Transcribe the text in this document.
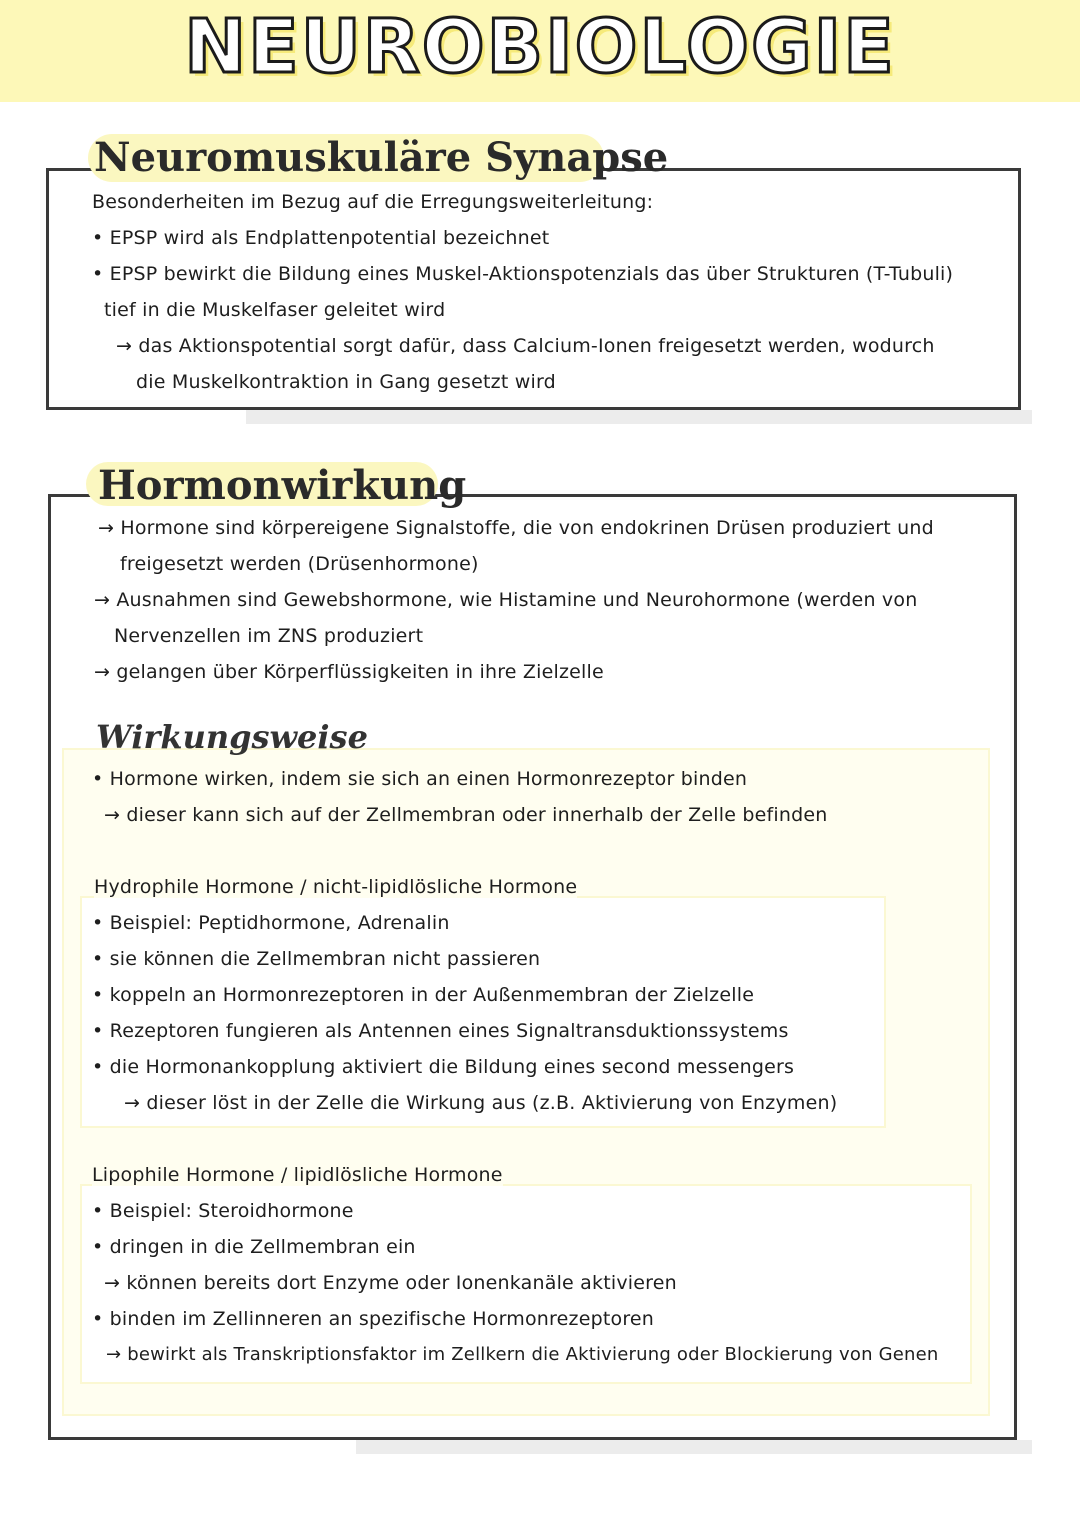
NEUROBIOLOGIE
Neuromuskuläre Synapse
Besonderheiten im Bezug auf die Erregungsweiterleitung:
• EPSP wird als Endplattenpotential bezeichnet
• EPSP bewirkt die Bildung eines Muskel-Aktionspotenzials das über Strukturen (T-Tubuli)
tief in die Muskelfaser geleitet wird
→ das Aktionspotential sorgt dafür, dass Calcium-Ionen freigesetzt werden, wodurch
die Muskelkontraktion in Gang gesetzt wird
Hormonwirkung
→ Hormone sind körpereigene Signalstoffe, die von endokrinen Drüsen produziert und
freigesetzt werden (Drüsenhormone)
→ Ausnahmen sind Gewebshormone, wie Histamine und Neurohormone (werden von
Nervenzellen im ZNS produziert
→ gelangen über Körperflüssigkeiten in ihre Zielzelle
Wirkungsweise
• Hormone wirken, indem sie sich an einen Hormonrezeptor binden
→ dieser kann sich auf der Zellmembran oder innerhalb der Zelle befinden
Hydrophile Hormone / nicht-lipidlösliche Hormone
• Beispiel: Peptidhormone, Adrenalin
• sie können die Zellmembran nicht passieren
• koppeln an Hormonrezeptoren in der Außenmembran der Zielzelle
• Rezeptoren fungieren als Antennen eines Signaltransduktionssystems
• die Hormonankopplung aktiviert die Bildung eines second messengers
→ dieser löst in der Zelle die Wirkung aus (z.B. Aktivierung von Enzymen)
Lipophile Hormone / lipidlösliche Hormone
• Beispiel: Steroidhormone
• dringen in die Zellmembran ein
→ können bereits dort Enzyme oder Ionenkanäle aktivieren
• binden im Zellinneren an spezifische Hormonrezeptoren
→ bewirkt als Transkriptionsfaktor im Zellkern die Aktivierung oder Blockierung von Genen
